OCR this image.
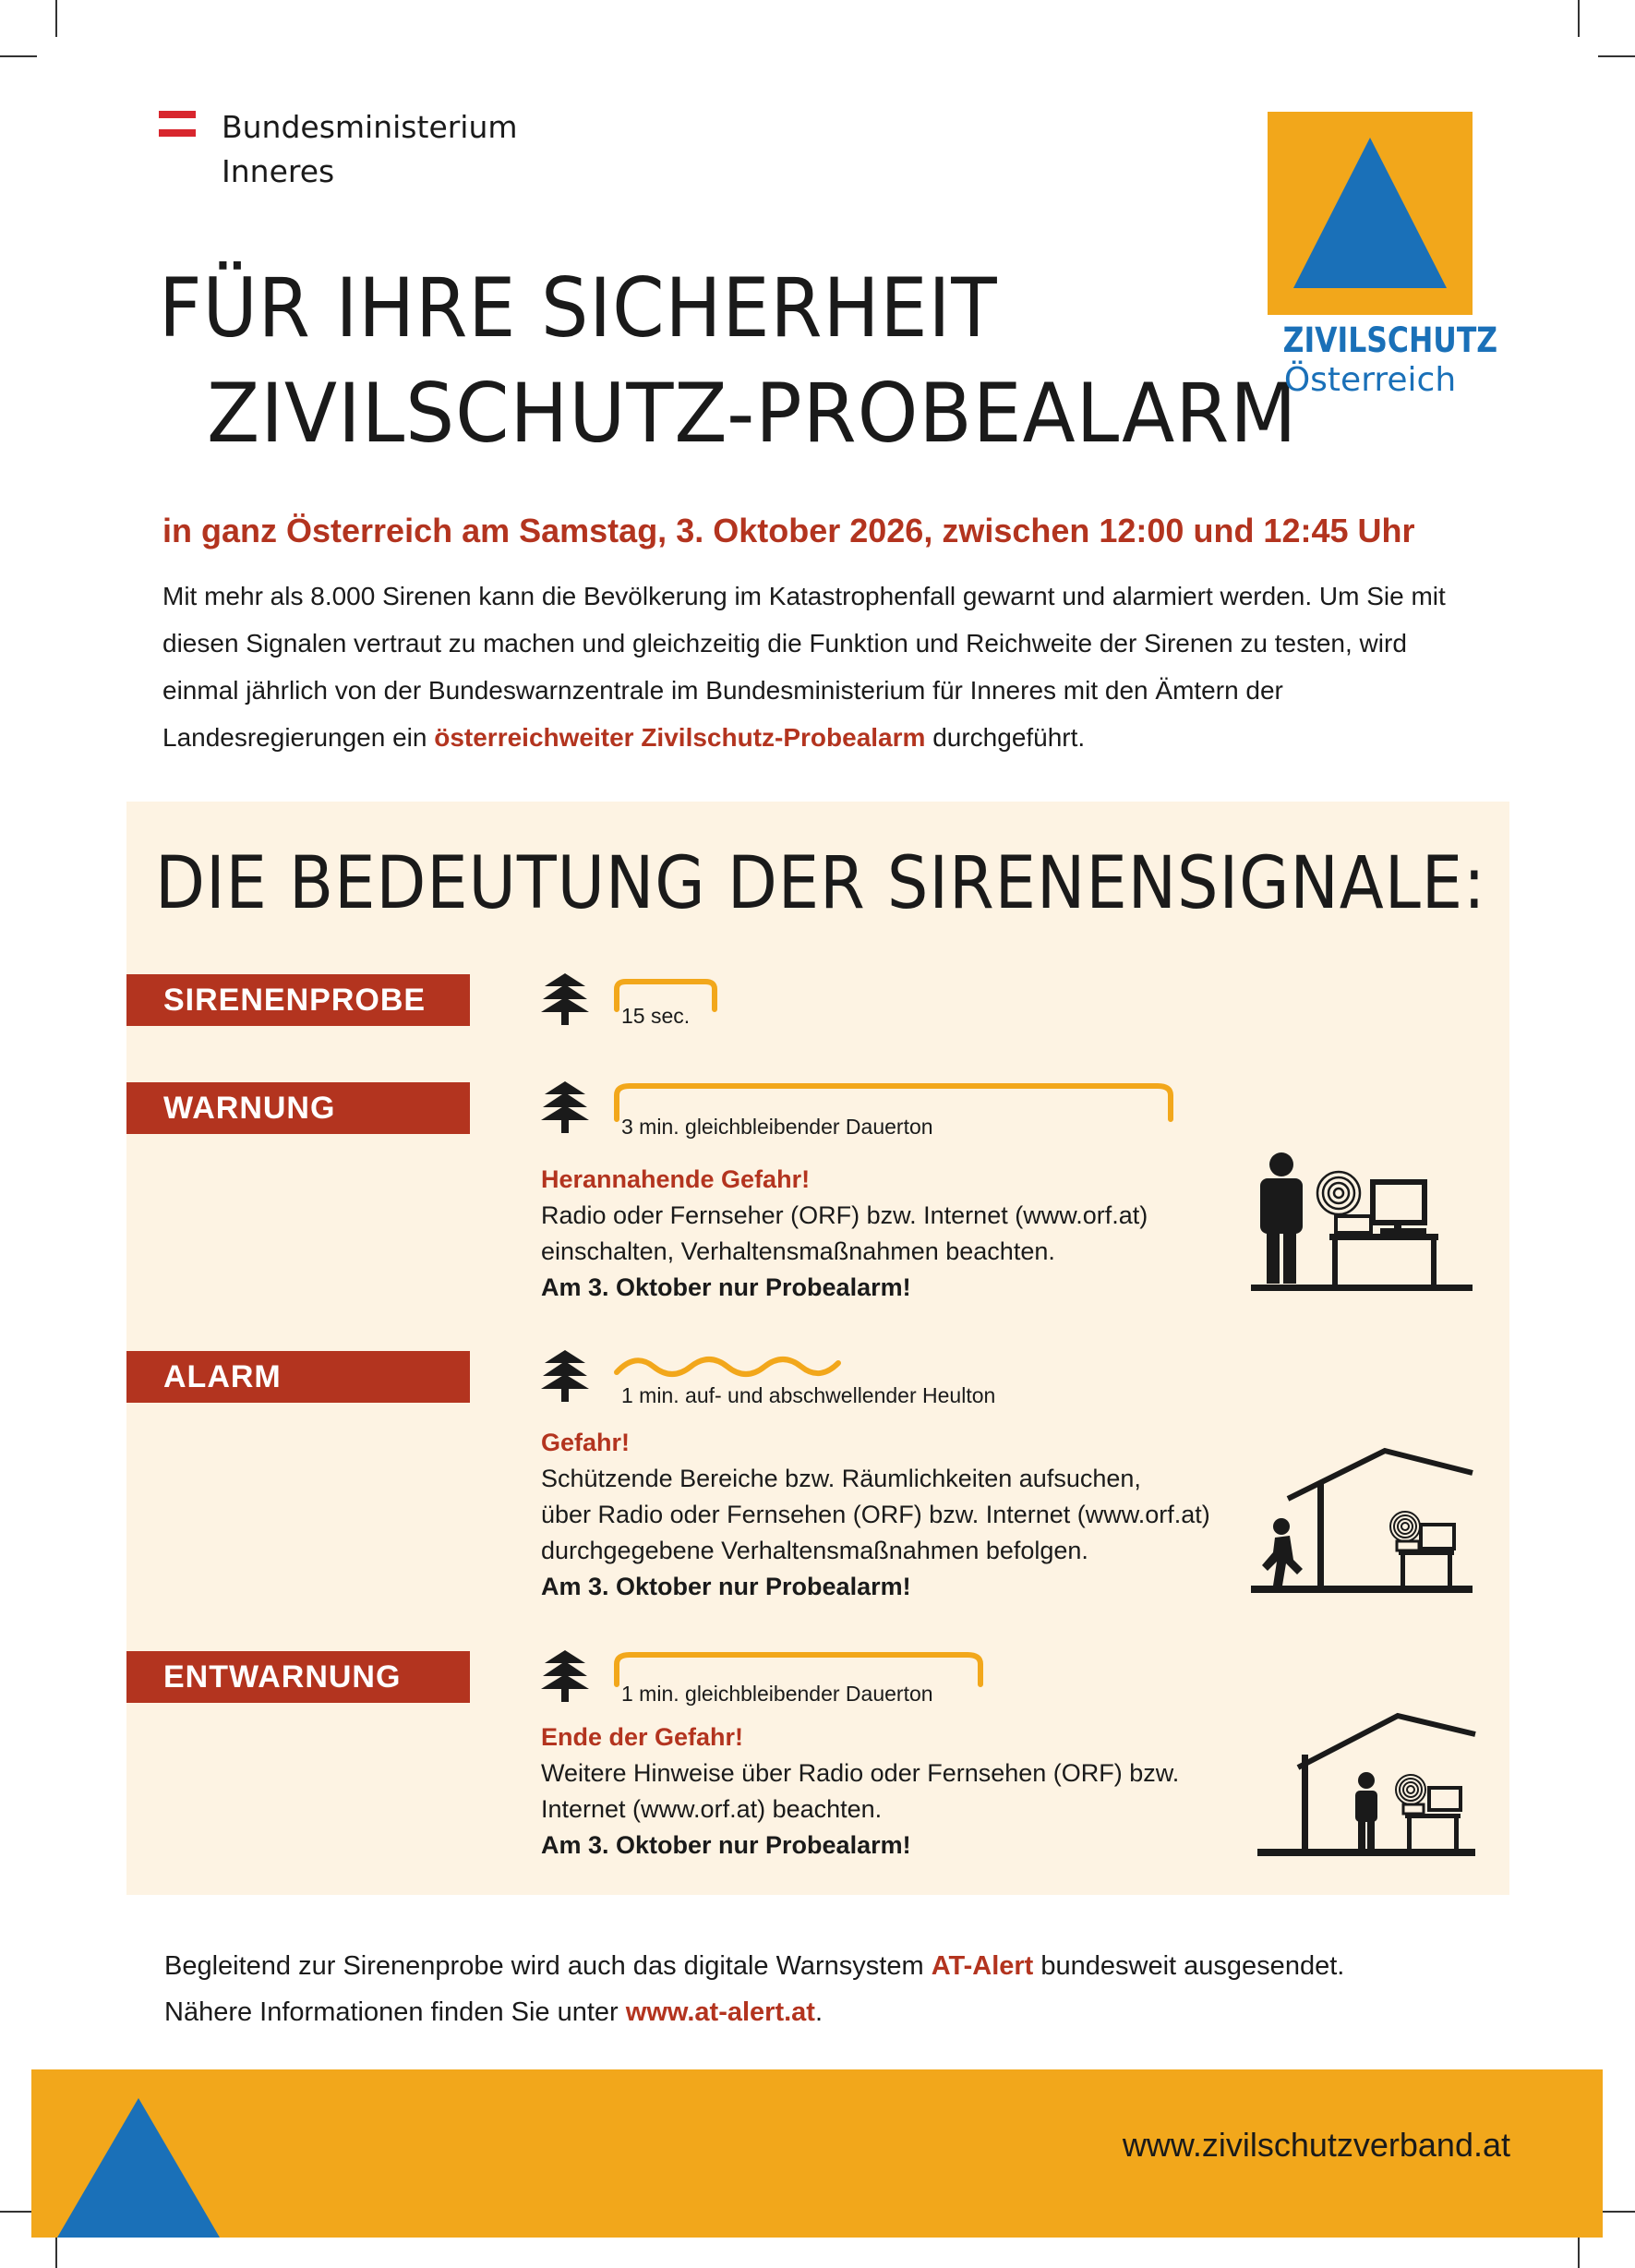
Bundesministerium
Inneres
FÜR IHRE SICHERHEIT
ZIVILSCHUTZ-PROBEALARM
ZIVILSCHUTZ
Österreich
in ganz Österreich am Samstag, 3. Oktober 2026, zwischen 12:00 und 12:45 Uhr
Mit mehr als 8.000 Sirenen kann die Bevölkerung im Katastrophenfall gewarnt und alarmiert werden. Um Sie mit diesen Signalen vertraut zu machen und gleichzeitig die Funktion und Reichweite der Sirenen zu testen, wird einmal jährlich von der Bundeswarnzentrale im Bundesministerium für Inneres mit den Ämtern der Landesregierungen ein österreichweiter Zivilschutz-Probealarm durchgeführt.
DIE BEDEUTUNG DER SIRENENSIGNALE:
SIRENENPROBE	15 sec.
WARNUNG
3 min. gleichbleibender Dauerton
Herannahende Gefahr!
Radio oder Fernseher (ORF) bzw. Internet (www.orf.at)
einschalten, Verhaltensmaßnahmen beachten.
Am 3. Oktober nur Probealarm!
ALARM
1 min. auf- und abschwellender Heulton
Gefahr!
Schützende Bereiche bzw. Räumlichkeiten aufsuchen,
über Radio oder Fernsehen (ORF) bzw. Internet (www.orf.at)
durchgegebene Verhaltensmaßnahmen befolgen.
Am 3. Oktober nur Probealarm!
ENTWARNUNG	1 min. gleichbleibender Dauerton
Ende der Gefahr!
Weitere Hinweise über Radio oder Fernsehen (ORF) bzw.
Internet (www.orf.at) beachten.
Am 3. Oktober nur Probealarm!
Begleitend zur Sirenenprobe wird auch das digitale Warnsystem AT-Alert bundesweit ausgesendet.
Nähere Informationen finden Sie unter www.at-alert.at.
www.zivilschutzverband.at
